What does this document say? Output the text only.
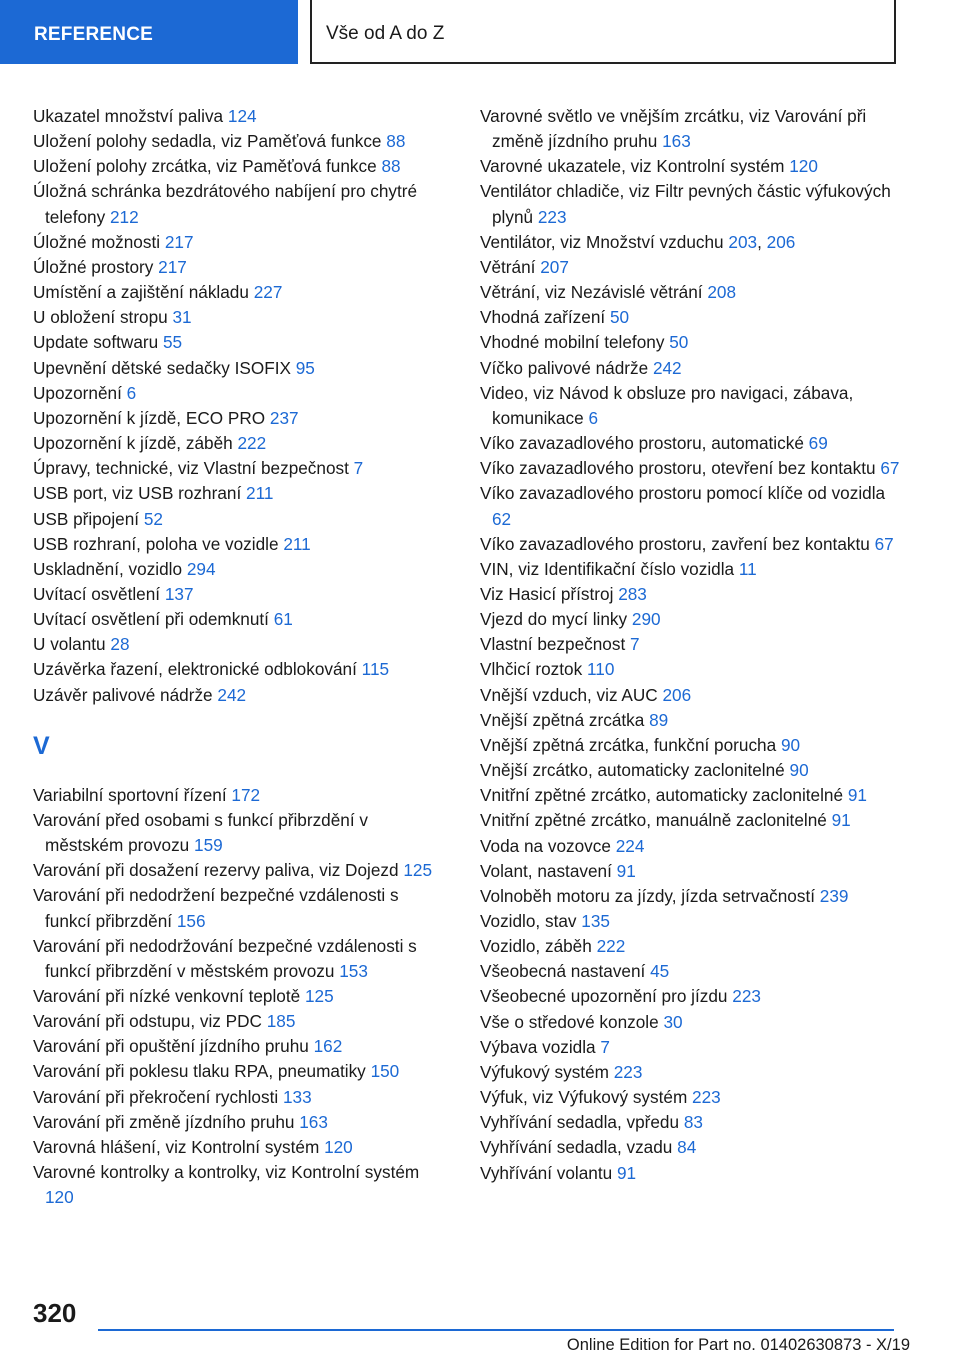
REFERENCE	Vše od A do Z

Ukazatel množství paliva 124

Uložení polohy sedadla, viz Paměťová funkce 88

Uložení polohy zrcátka, viz Paměťová funkce 88

Úložná schránka bezdrátového nabíjení pro chytré telefony 212

Úložné možnosti 217

Úložné prostory 217

Umístění a zajištění nákladu 227

U obložení stropu 31

Update softwaru 55

Upevnění dětské sedačky ISOFIX 95

Upozornění 6

Upozornění k jízdě, ECO PRO 237

Upozornění k jízdě, záběh 222

Úpravy, technické, viz Vlastní bezpečnost 7

USB port, viz USB rozhraní 211

USB připojení 52

USB rozhraní, poloha ve vozidle 211

Uskladnění, vozidlo 294

Uvítací osvětlení 137

Uvítací osvětlení při odemknutí 61

U volantu 28

Uzávěrka řazení, elektronické odblokování 115

Uzávěr palivové nádrže 242

V

Variabilní sportovní řízení 172

Varování před osobami s funkcí přibrzdění v městském provozu 159

Varování při dosažení rezervy paliva, viz Dojezd 125

Varování při nedodržení bezpečné vzdálenosti s funkcí přibrzdění 156

Varování při nedodržování bezpečné vzdálenosti s funkcí přibrzdění v městském provozu 153

Varování při nízké venkovní teplotě 125

Varování při odstupu, viz PDC 185

Varování při opuštění jízdního pruhu 162

Varování při poklesu tlaku RPA, pneumatiky 150

Varování při překročení rychlosti 133

Varování při změně jízdního pruhu 163

Varovná hlášení, viz Kontrolní systém 120

Varovné kontrolky a kontrolky, viz Kontrolní systém 120

Varovné světlo ve vnějším zrcátku, viz Varování při změně jízdního pruhu 163

Varovné ukazatele, viz Kontrolní systém 120

Ventilátor chladiče, viz Filtr pevných částic výfukových plynů 223

Ventilátor, viz Množství vzduchu 203, 206

Větrání 207

Větrání, viz Nezávislé větrání 208

Vhodná zařízení 50

Vhodné mobilní telefony 50

Víčko palivové nádrže 242

Video, viz Návod k obsluze pro navigaci, zábava, komunikace 6

Víko zavazadlového prostoru, automatické 69

Víko zavazadlového prostoru, otevření bez kontaktu 67

Víko zavazadlového prostoru pomocí klíče od vozidla 62

Víko zavazadlového prostoru, zavření bez kontaktu 67

VIN, viz Identifikační číslo vozidla 11

Viz Hasicí přístroj 283

Vjezd do mycí linky 290

Vlastní bezpečnost 7

Vlhčicí roztok 110

Vnější vzduch, viz AUC 206

Vnější zpětná zrcátka 89

Vnější zpětná zrcátka, funkční porucha 90

Vnější zrcátko, automaticky zaclonitelné 90

Vnitřní zpětné zrcátko, automaticky zaclonitelné 91

Vnitřní zpětné zrcátko, manuálně zaclonitelné 91

Voda na vozovce 224

Volant, nastavení 91

Volnoběh motoru za jízdy, jízda setrvačností 239

Vozidlo, stav 135

Vozidlo, záběh 222

Všeobecná nastavení 45

Všeobecné upozornění pro jízdu 223

Vše o středové konzole 30

Výbava vozidla 7

Výfukový systém 223

Výfuk, viz Výfukový systém 223

Vyhřívání sedadla, vpředu 83

Vyhřívání sedadla, vzadu 84

Vyhřívání volantu 91

320
Online Edition for Part no. 01402630873 - X/19
